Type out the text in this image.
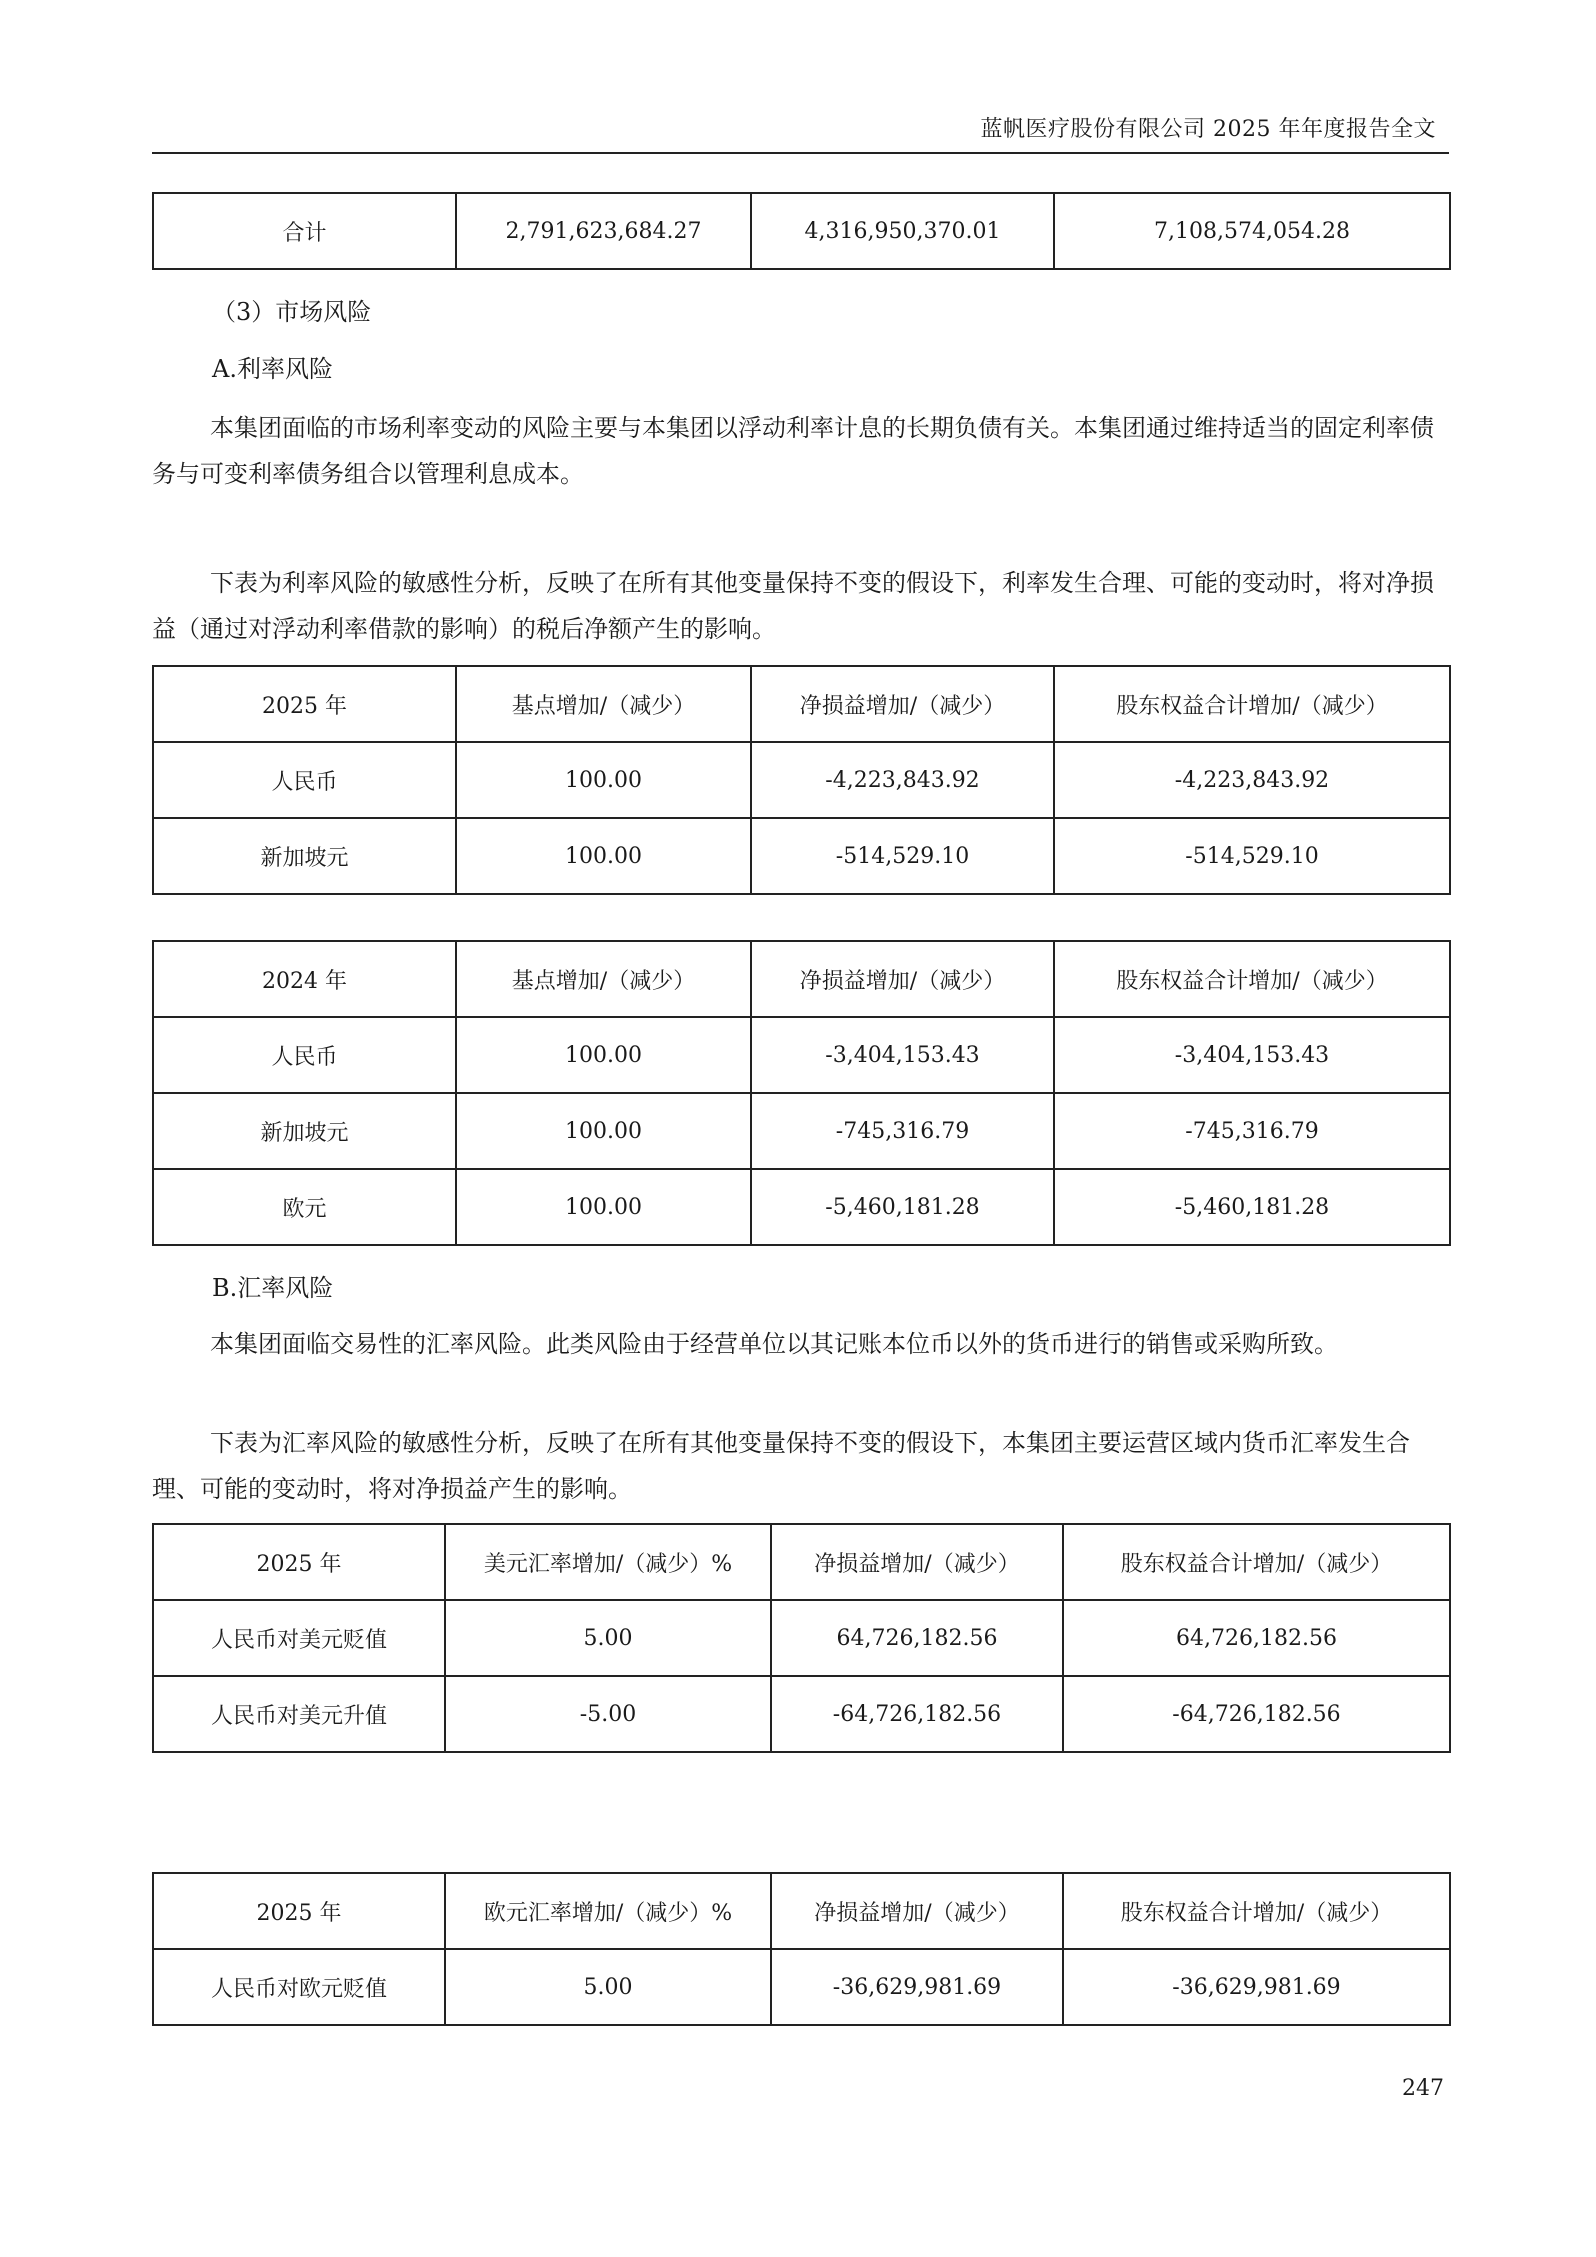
蓝帆医疗股份有限公司 2025 年年度报告全文
合计	2,791,623,684.27	4,316,950,370.01	7,108,574,054.28

（3）市场风险

A.利率风险

本集团面临的市场利率变动的风险主要与本集团以浮动利率计息的长期负债有关。本集团通过维持适当的固定利率债务与可变利率债务组合以管理利息成本。

下表为利率风险的敏感性分析，反映了在所有其他变量保持不变的假设下，利率发生合理、可能的变动时，将对净损益（通过对浮动利率借款的影响）的税后净额产生的影响。

2025 年	基点增加/（减少）	净损益增加/（减少）	股东权益合计增加/（减少）
人民币	100.00	-4,223,843.92	-4,223,843.92
新加坡元	100.00	-514,529.10	-514,529.10
2024 年	基点增加/（减少）	净损益增加/（减少）	股东权益合计增加/（减少）
人民币	100.00	-3,404,153.43	-3,404,153.43
新加坡元	100.00	-745,316.79	-745,316.79
欧元	100.00	-5,460,181.28	-5,460,181.28

B.汇率风险

本集团面临交易性的汇率风险。此类风险由于经营单位以其记账本位币以外的货币进行的销售或采购所致。

下表为汇率风险的敏感性分析，反映了在所有其他变量保持不变的假设下，本集团主要运营区域内货币汇率发生合理、可能的变动时，将对净损益产生的影响。

2025 年	美元汇率增加/（减少）%	净损益增加/（减少）	股东权益合计增加/（减少）
人民币对美元贬值	5.00	64,726,182.56	64,726,182.56
人民币对美元升值	-5.00	-64,726,182.56	-64,726,182.56
2025 年	欧元汇率增加/（减少）%	净损益增加/（减少）	股东权益合计增加/（减少）
人民币对欧元贬值	5.00	-36,629,981.69	-36,629,981.69
247
